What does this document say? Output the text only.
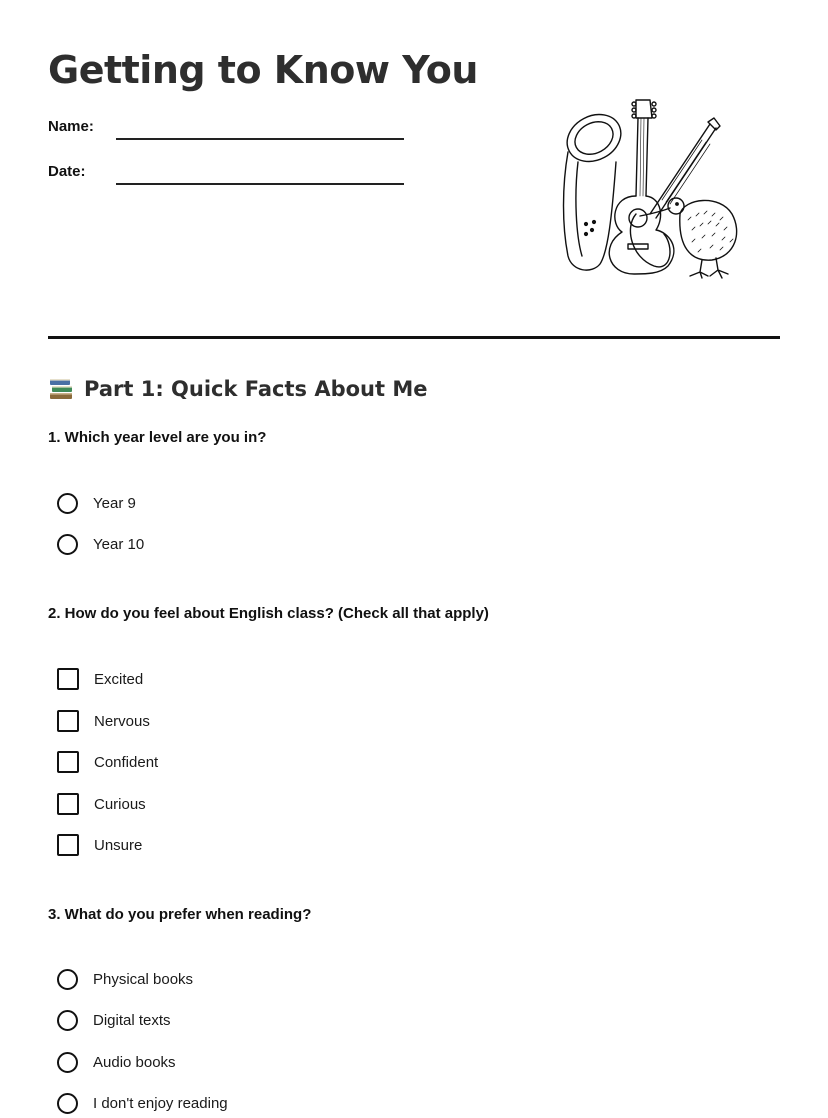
Getting to Know You
Name:
Date:
Part 1: Quick Facts About Me
1. Which year level are you in?
Year 9
Year 10
2. How do you feel about English class? (Check all that apply)
Excited
Nervous
Confident
Curious
Unsure
3. What do you prefer when reading?
Physical books
Digital texts
Audio books
I don't enjoy reading
